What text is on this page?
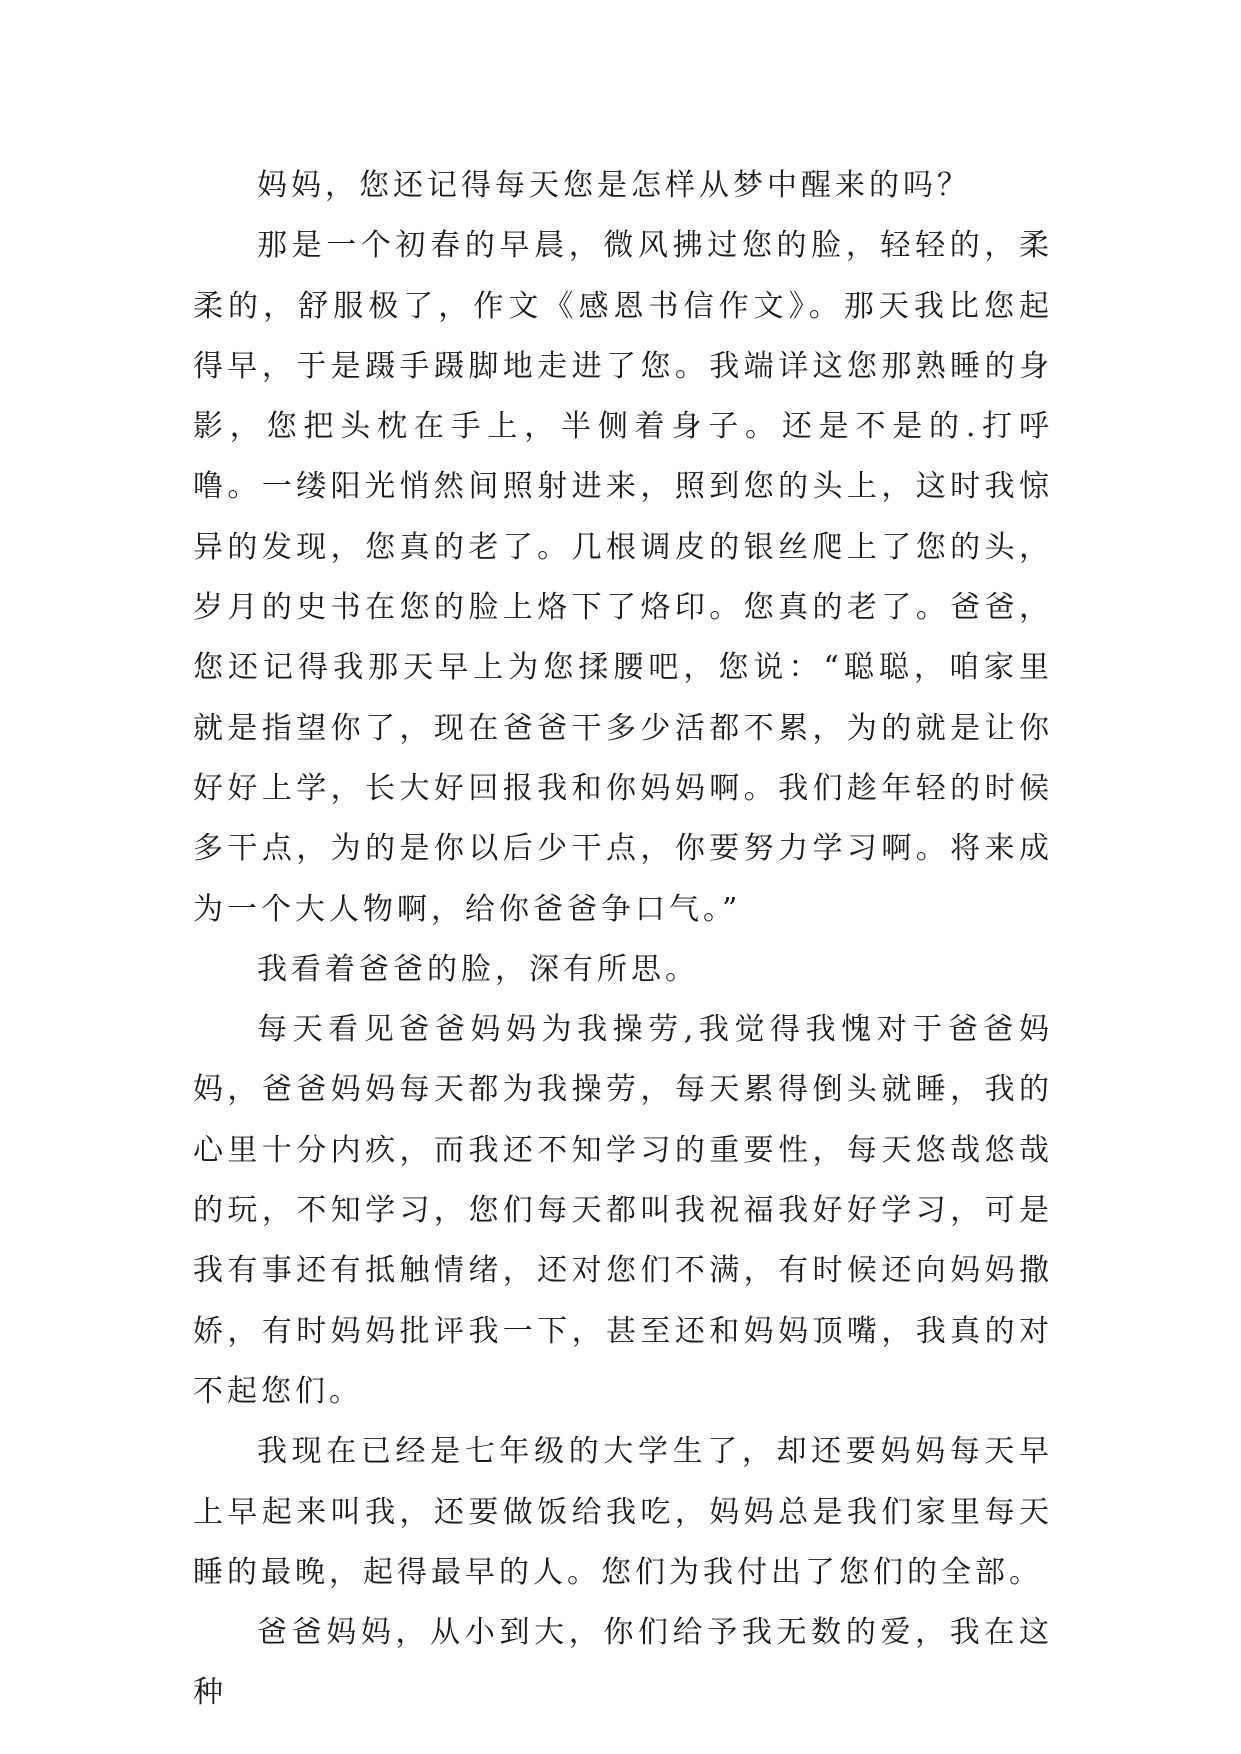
妈妈，您还记得每天您是怎样从梦中醒来的吗？

那是一个初春的早晨，微风拂过您的脸，轻轻的，柔柔的，舒服极了，作文《感恩书信作文》。那天我比您起得早，于是蹑手蹑脚地走进了您。我端详这您那熟睡的身影，您把头枕在手上，半侧着身子。还是不是的.打呼噜。一缕阳光悄然间照射进来，照到您的头上，这时我惊异的发现，您真的老了。几根调皮的银丝爬上了您的头，岁月的史书在您的脸上烙下了烙印。您真的老了。爸爸，您还记得我那天早上为您揉腰吧，您说：“聪聪，咱家里就是指望你了，现在爸爸干多少活都不累，为的就是让你好好上学，长大好回报我和你妈妈啊。我们趁年轻的时候多干点，为的是你以后少干点，你要努力学习啊。将来成为一个大人物啊，给你爸爸争口气。”

我看着爸爸的脸，深有所思。

每天看见爸爸妈妈为我操劳,我觉得我愧对于爸爸妈妈，爸爸妈妈每天都为我操劳，每天累得倒头就睡，我的心里十分内疚，而我还不知学习的重要性，每天悠哉悠哉的玩，不知学习，您们每天都叫我祝福我好好学习，可是我有事还有抵触情绪，还对您们不满，有时候还向妈妈撒娇，有时妈妈批评我一下，甚至还和妈妈顶嘴，我真的对不起您们。

我现在已经是七年级的大学生了，却还要妈妈每天早上早起来叫我，还要做饭给我吃，妈妈总是我们家里每天睡的最晚，起得最早的人。您们为我付出了您们的全部。

爸爸妈妈，从小到大，你们给予我无数的爱，我在这种
